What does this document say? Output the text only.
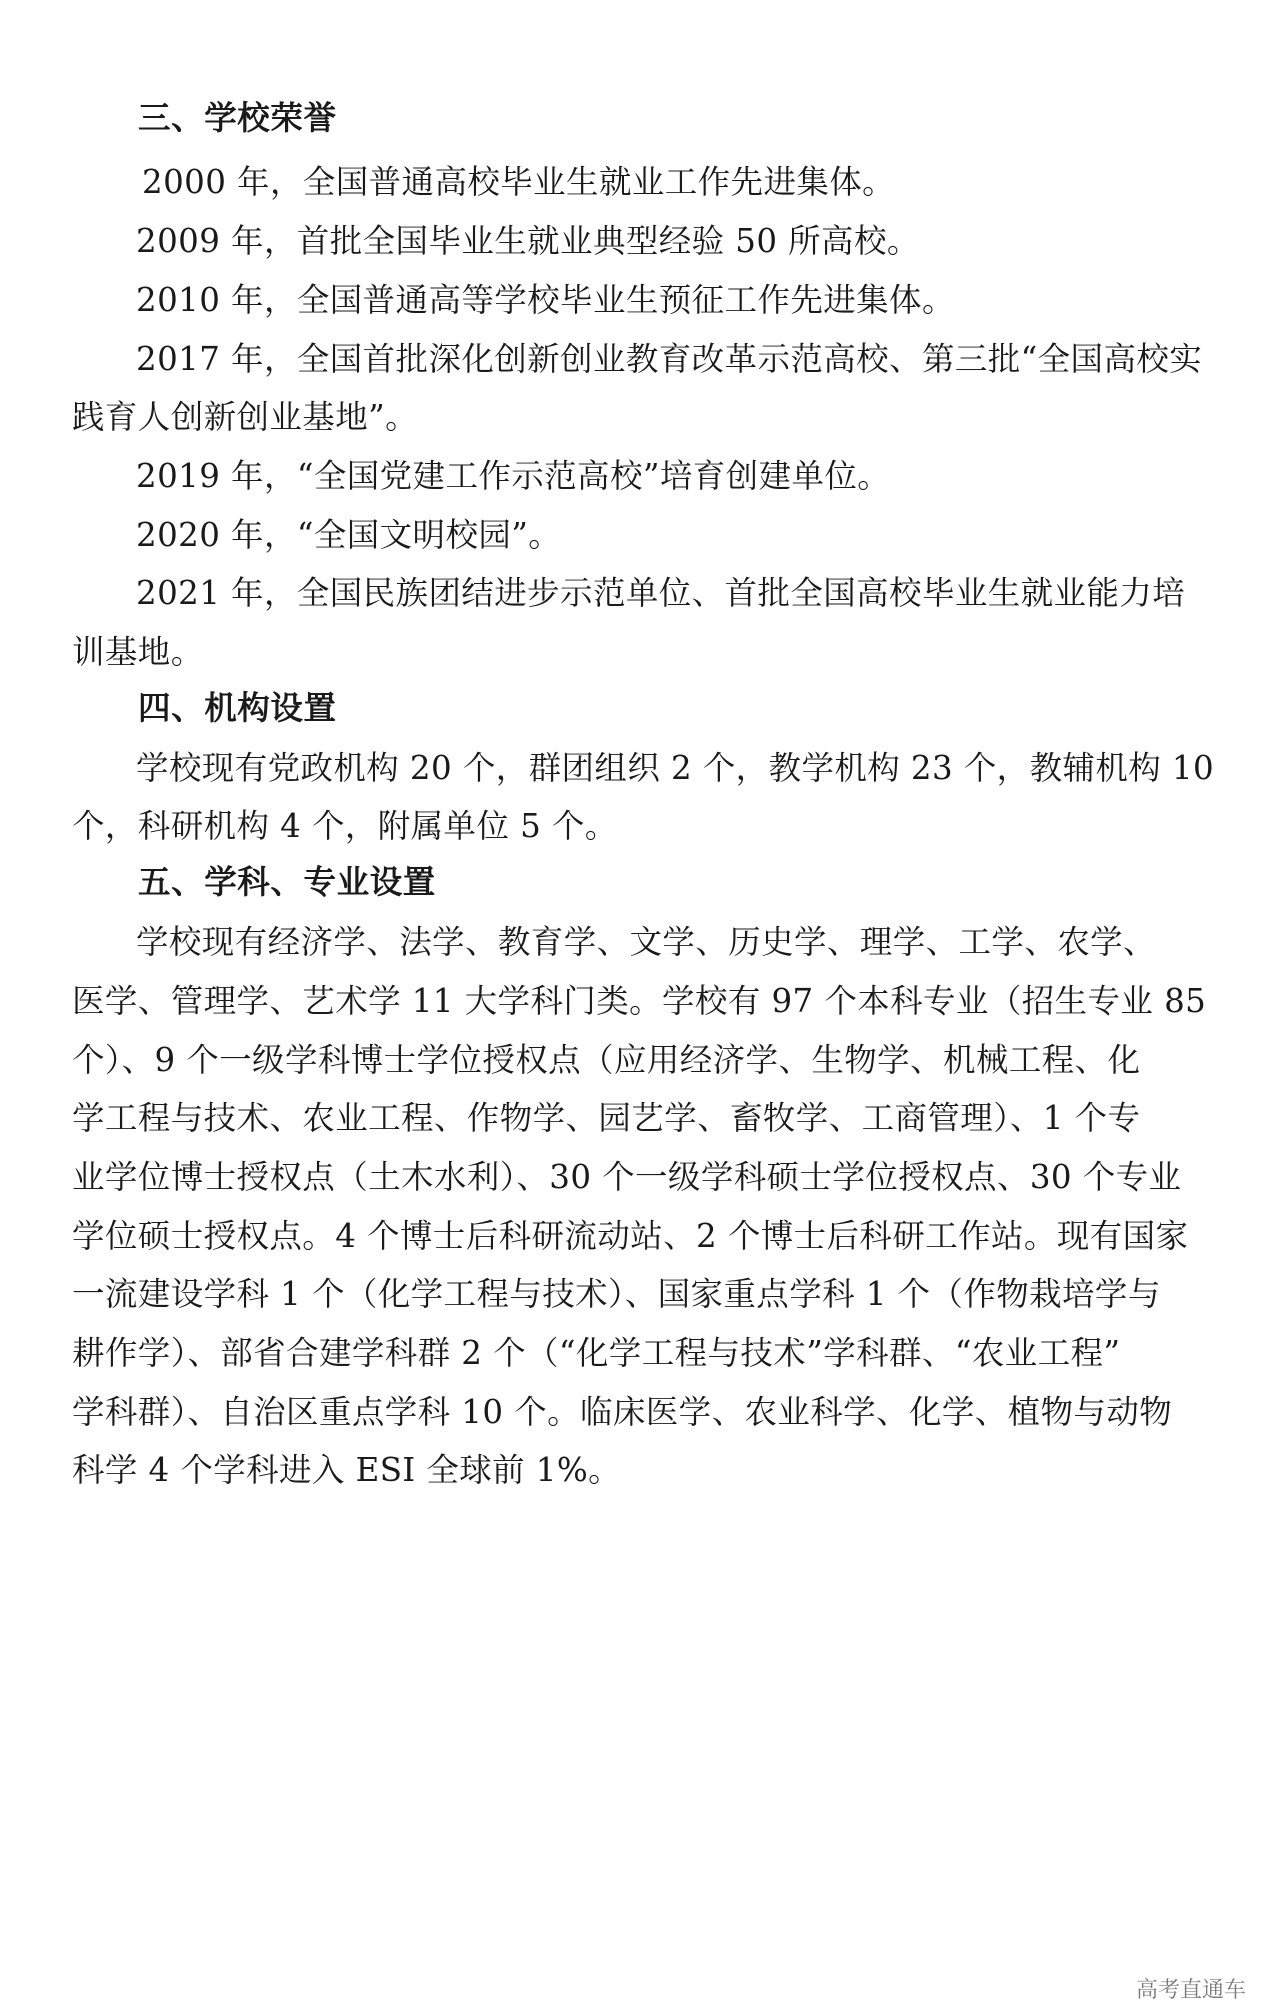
三、学校荣誉
2000 年，全国普通高校毕业生就业工作先进集体。
2009 年，首批全国毕业生就业典型经验 50 所高校。
2010 年，全国普通高等学校毕业生预征工作先进集体。
2017 年，全国首批深化创新创业教育改革示范高校、第三批“全国高校实
践育人创新创业基地”。
2019 年，“全国党建工作示范高校”培育创建单位。
2020 年，“全国文明校园”。
2021 年，全国民族团结进步示范单位、首批全国高校毕业生就业能力培
训基地。
四、机构设置
学校现有党政机构 20 个，群团组织 2 个，教学机构 23 个，教辅机构 10
个，科研机构 4 个，附属单位 5 个。
五、学科、专业设置
学校现有经济学、法学、教育学、文学、历史学、理学、工学、农学、
医学、管理学、艺术学 11 大学科门类。学校有 97 个本科专业（招生专业 85
个）、9 个一级学科博士学位授权点（应用经济学、生物学、机械工程、化
学工程与技术、农业工程、作物学、园艺学、畜牧学、工商管理）、1 个专
业学位博士授权点（土木水利）、30 个一级学科硕士学位授权点、30 个专业
学位硕士授权点。4 个博士后科研流动站、2 个博士后科研工作站。现有国家
一流建设学科 1 个（化学工程与技术）、国家重点学科 1 个（作物栽培学与
耕作学）、部省合建学科群 2 个（“化学工程与技术”学科群、“农业工程”
学科群）、自治区重点学科 10 个。临床医学、农业科学、化学、植物与动物
科学 4 个学科进入 ESI 全球前 1%。
高考直通车
